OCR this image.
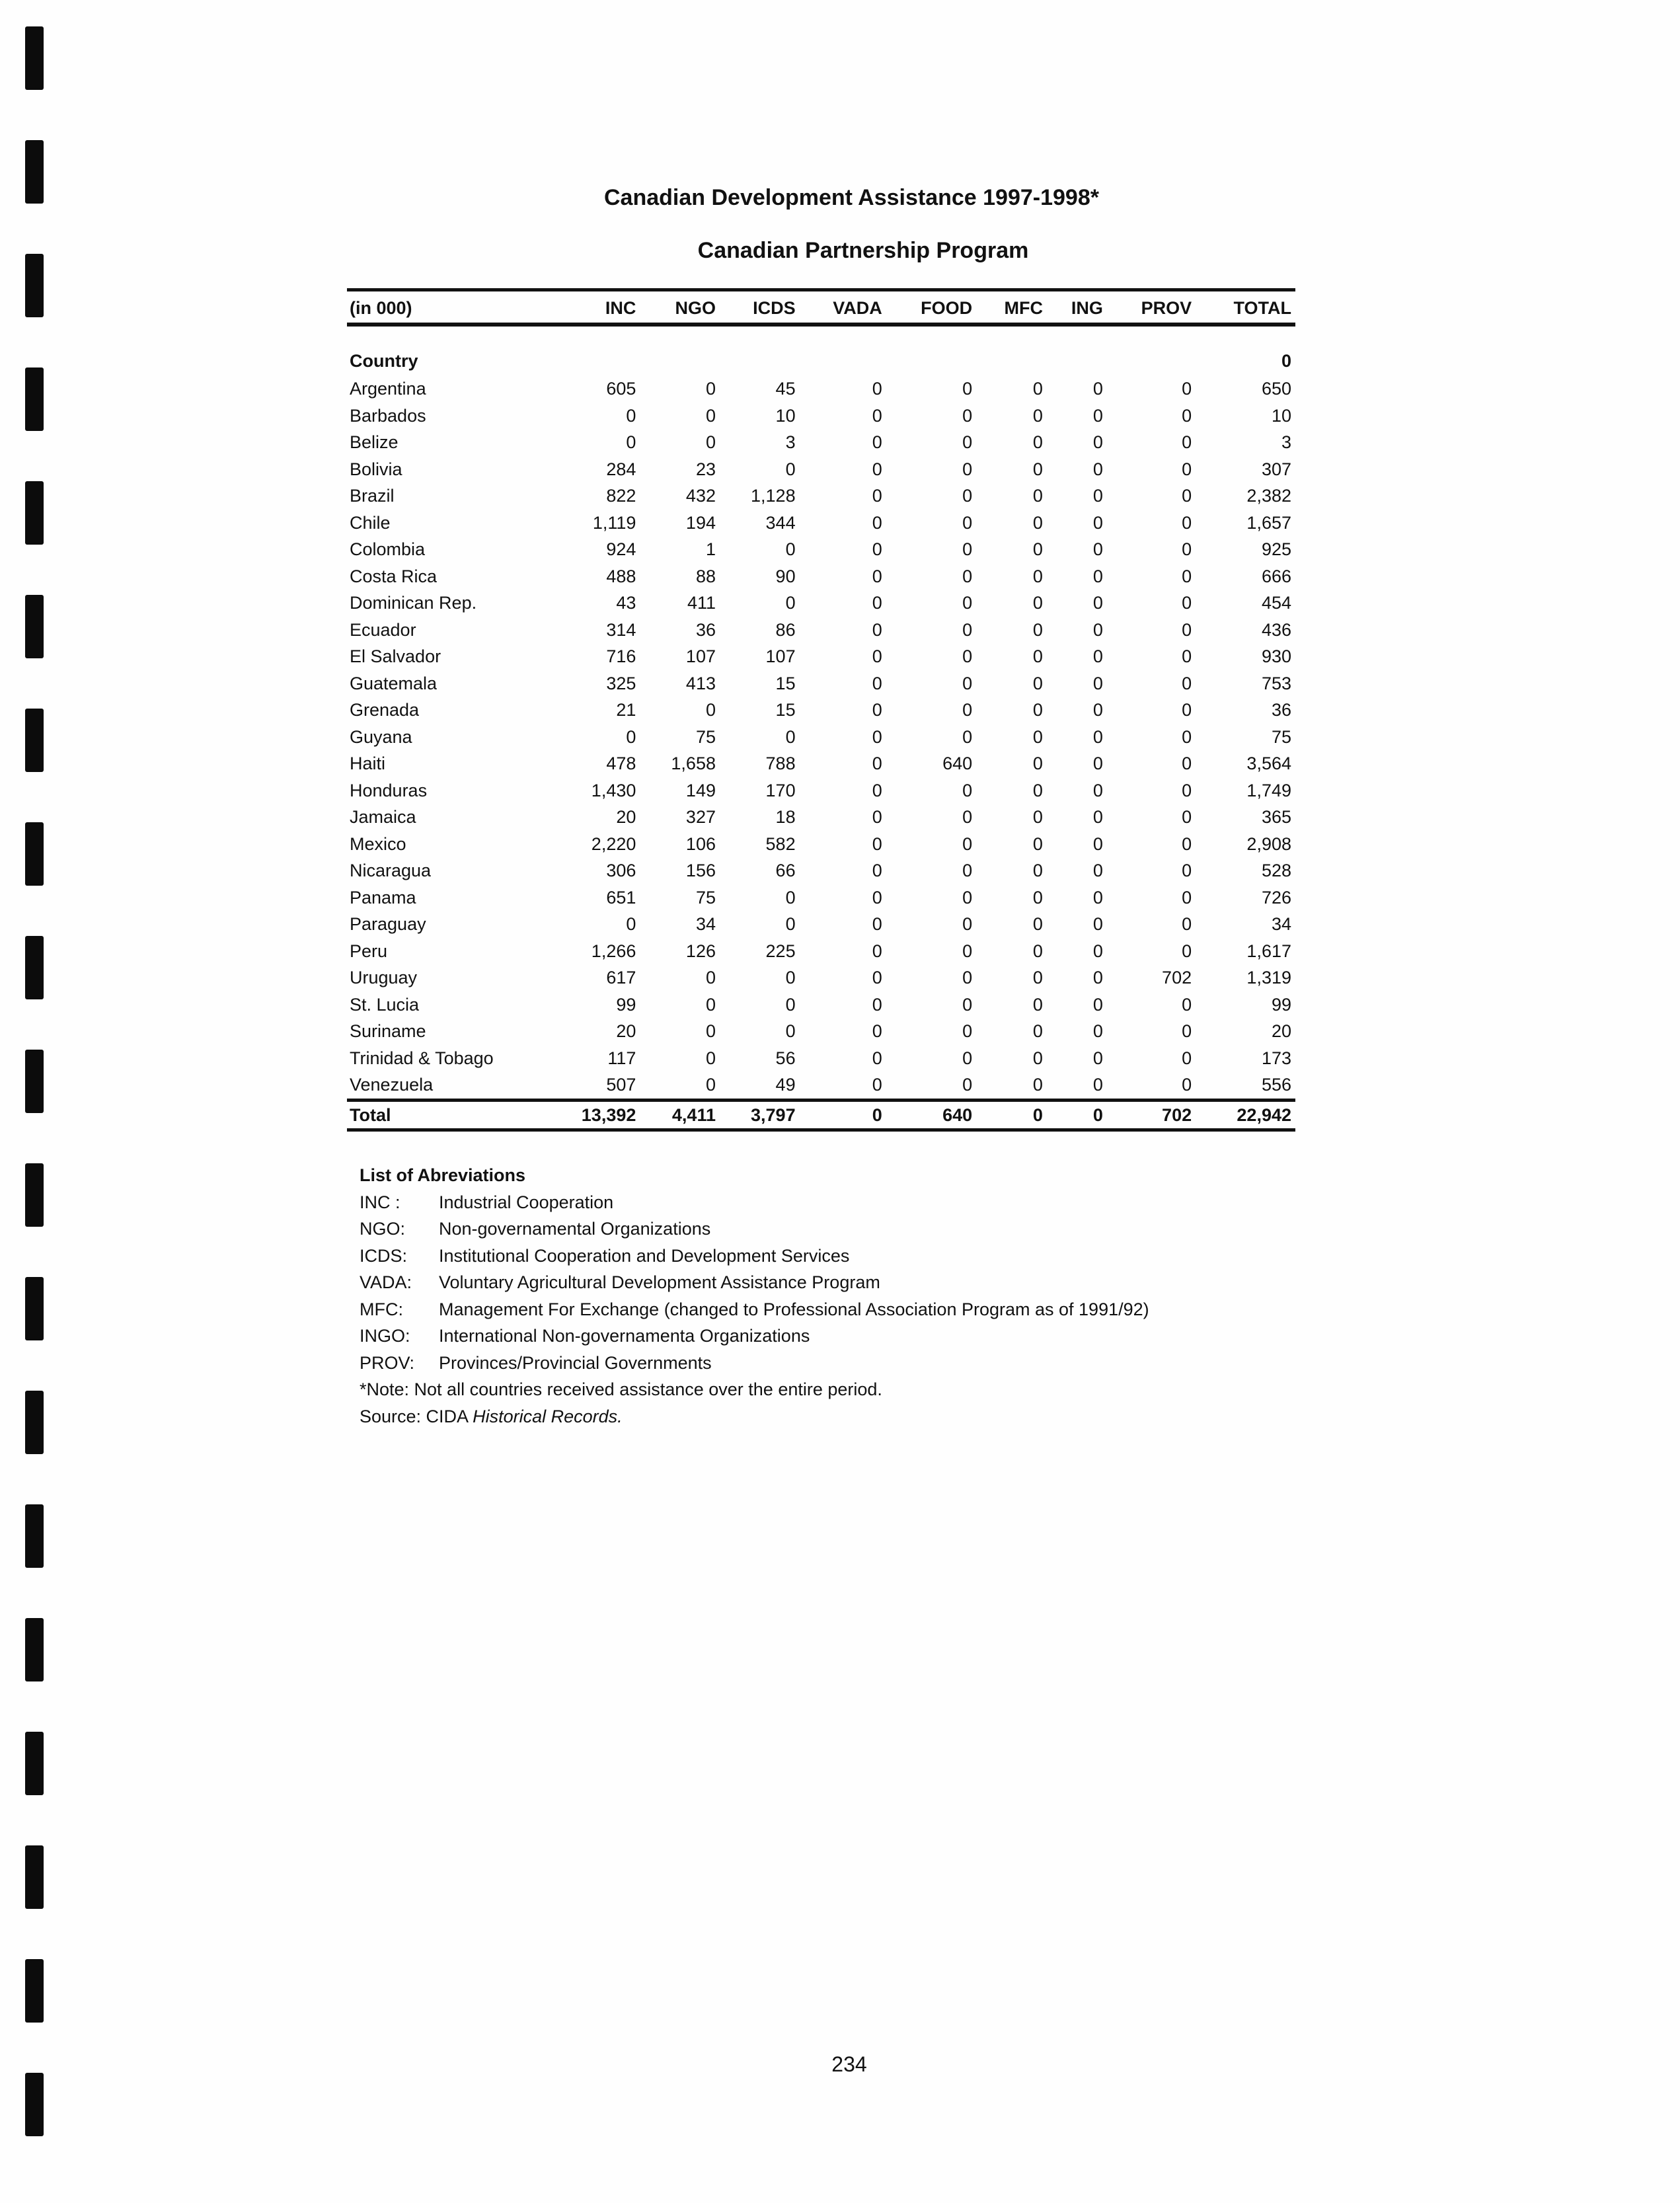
Canadian Development Assistance 1997-1998*
Canadian Partnership Program
(in 000)	INC	NGO	ICDS	VADA	FOOD	MFC	ING	PROV	TOTAL

Country									0
Argentina	605	0	45	0	0	0	0	0	650
Barbados	0	0	10	0	0	0	0	0	10
Belize	0	0	3	0	0	0	0	0	3
Bolivia	284	23	0	0	0	0	0	0	307
Brazil	822	432	1,128	0	0	0	0	0	2,382
Chile	1,119	194	344	0	0	0	0	0	1,657
Colombia	924	1	0	0	0	0	0	0	925
Costa Rica	488	88	90	0	0	0	0	0	666
Dominican Rep.	43	411	0	0	0	0	0	0	454
Ecuador	314	36	86	0	0	0	0	0	436
El Salvador	716	107	107	0	0	0	0	0	930
Guatemala	325	413	15	0	0	0	0	0	753
Grenada	21	0	15	0	0	0	0	0	36
Guyana	0	75	0	0	0	0	0	0	75
Haiti	478	1,658	788	0	640	0	0	0	3,564
Honduras	1,430	149	170	0	0	0	0	0	1,749
Jamaica	20	327	18	0	0	0	0	0	365
Mexico	2,220	106	582	0	0	0	0	0	2,908
Nicaragua	306	156	66	0	0	0	0	0	528
Panama	651	75	0	0	0	0	0	0	726
Paraguay	0	34	0	0	0	0	0	0	34
Peru	1,266	126	225	0	0	0	0	0	1,617
Uruguay	617	0	0	0	0	0	0	702	1,319
St. Lucia	99	0	0	0	0	0	0	0	99
Suriname	20	0	0	0	0	0	0	0	20
Trinidad & Tobago	117	0	56	0	0	0	0	0	173
Venezuela	507	0	49	0	0	0	0	0	556
Total	13,392	4,411	3,797	0	640	0	0	702	22,942
List of Abreviations
INC :	Industrial Cooperation
NGO:	Non-governamental Organizations
ICDS:	Institutional Cooperation and Development Services
VADA:	Voluntary Agricultural Development Assistance Program
MFC:	Management For Exchange (changed to Professional Association Program as of 1991/92)
INGO:	International Non-governamenta Organizations
PROV:	Provinces/Provincial Governments
*Note: Not all countries received assistance over the entire period.
Source: CIDA Historical Records.
234
